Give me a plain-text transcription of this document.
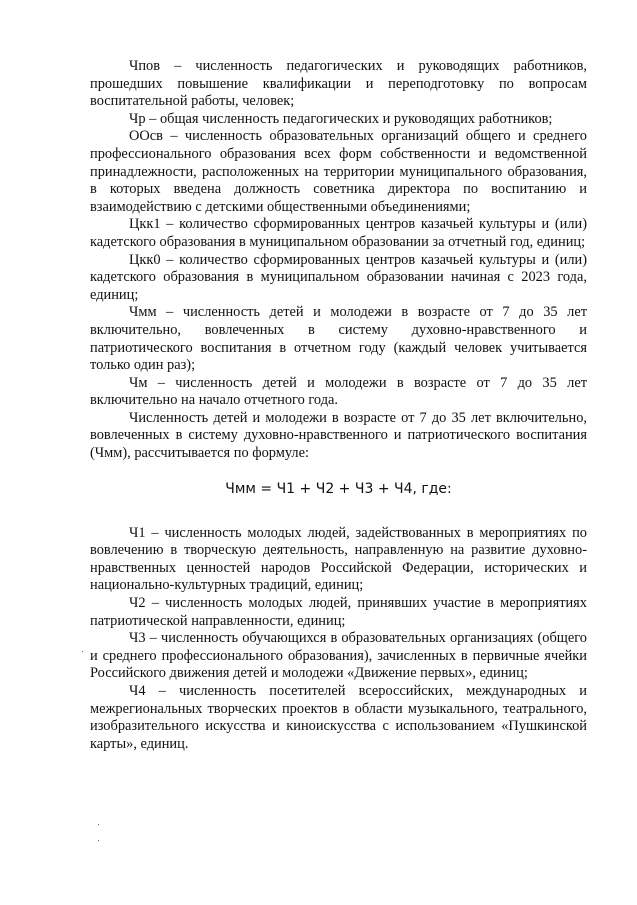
Чпов – численность педагогических и руководящих работников, прошедших повышение квалификации и переподготовку по вопросам воспитательной работы, человек;

Чр – общая численность педагогических и руководящих работников;

ООсв – численность образовательных организаций общего и среднего профессионального образования всех форм собственности и ведомственной принадлежности, расположенных на территории муниципального образования, в которых введена должность советника директора по воспитанию и взаимодействию с детскими общественными объединениями;

Цкк1 – количество сформированных центров казачьей культуры и (или) кадетского образования в муниципальном образовании за отчетный год, единиц;

Цкк0 – количество сформированных центров казачьей культуры и (или) кадетского образования в муниципальном образовании начиная с 2023 года, единиц;

Чмм – численность детей и молодежи в возрасте от 7 до 35 лет включительно, вовлеченных в систему духовно-нравственного и патриотического воспитания в отчетном году (каждый человек учитывается только один раз);

Чм – численность детей и молодежи в возрасте от 7 до 35 лет включительно на начало отчетного года.

Численность детей и молодежи в возрасте от 7 до 35 лет включительно, вовлеченных в систему духовно-нравственного и патриотического воспитания (Чмм), рассчитывается по формуле:

Чмм = Ч1 + Ч2 + Ч3 + Ч4, где:

Ч1 – численность молодых людей, задействованных в мероприятиях по вовлечению в творческую деятельность, направленную на развитие духовно-нравственных ценностей народов Российской Федерации, исторических и национально-культурных традиций, единиц;

Ч2 – численность молодых людей, принявших участие в мероприятиях патриотической направленности, единиц;

Ч3 – численность обучающихся в образовательных организациях (общего и среднего профессионального образования), зачисленных в первичные ячейки Российского движения детей и молодежи «Движение первых», единиц;

Ч4 – численность посетителей всероссийских, международных и межрегиональных творческих проектов в области музыкального, театрального, изобразительного искусства и киноискусства с использованием «Пушкинской карты», единиц.
